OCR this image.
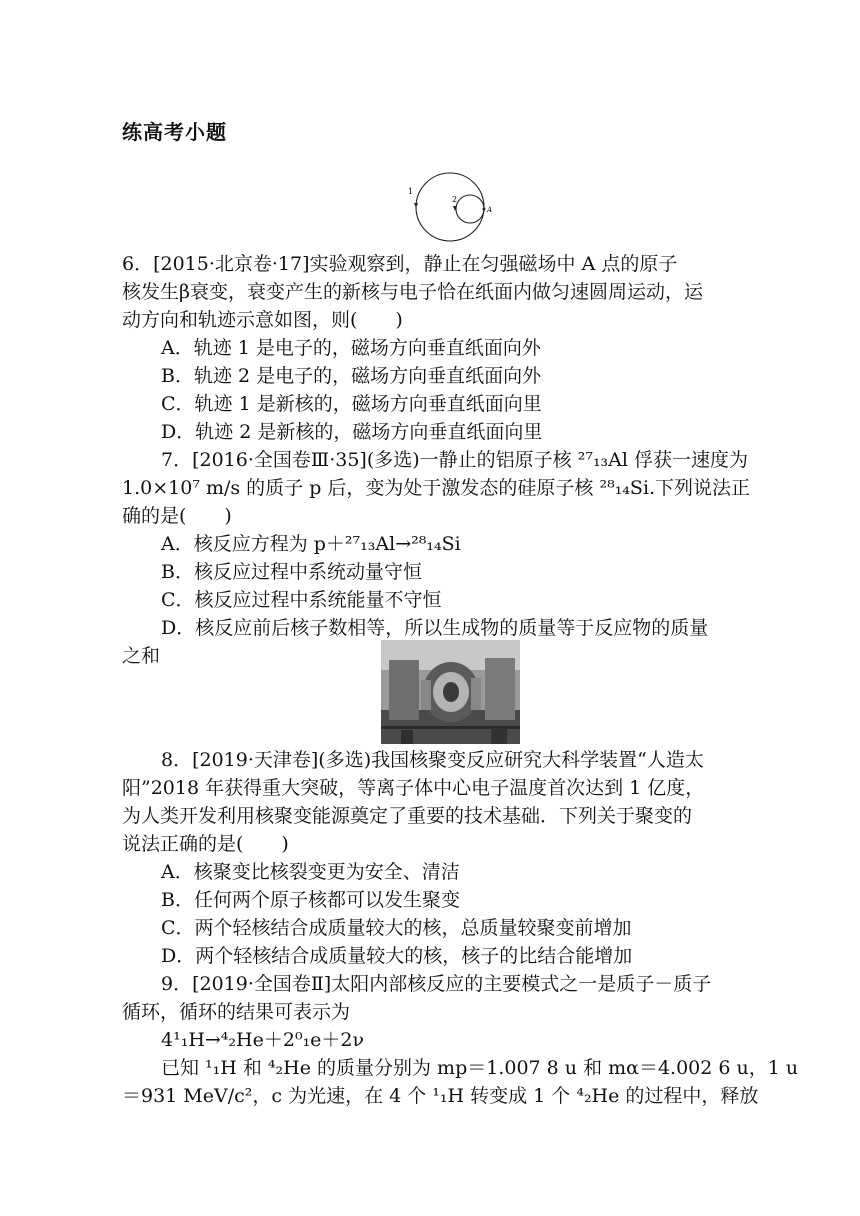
练高考小题
1
2
A
6．[2015·北京卷·17]实验观察到，静止在匀强磁场中 A 点的原子
核发生β衰变，衰变产生的新核与电子恰在纸面内做匀速圆周运动，运
动方向和轨迹示意如图，则(　　)
A．轨迹 1 是电子的，磁场方向垂直纸面向外
B．轨迹 2 是电子的，磁场方向垂直纸面向外
C．轨迹 1 是新核的，磁场方向垂直纸面向里
D．轨迹 2 是新核的，磁场方向垂直纸面向里
7．[2016·全国卷Ⅲ·35](多选)一静止的铝原子核 ²⁷₁₃Al 俘获一速度为
1.0×10⁷ m/s 的质子 p 后，变为处于激发态的硅原子核 ²⁸₁₄Si.下列说法正
确的是(　　)
A．核反应方程为 p＋²⁷₁₃Al→²⁸₁₄Si
B．核反应过程中系统动量守恒
C．核反应过程中系统能量不守恒
D．核反应前后核子数相等，所以生成物的质量等于反应物的质量
之和
8．[2019·天津卷](多选)我国核聚变反应研究大科学装置“人造太
阳”2018 年获得重大突破，等离子体中心电子温度首次达到 1 亿度，
为人类开发利用核聚变能源奠定了重要的技术基础．下列关于聚变的
说法正确的是(　　)
A．核聚变比核裂变更为安全、清洁
B．任何两个原子核都可以发生聚变
C．两个轻核结合成质量较大的核，总质量较聚变前增加
D．两个轻核结合成质量较大的核，核子的比结合能增加
9．[2019·全国卷Ⅱ]太阳内部核反应的主要模式之一是质子－质子
循环，循环的结果可表示为
4¹₁H→⁴₂He＋2⁰₁e＋2ν
已知 ¹₁H 和 ⁴₂He 的质量分别为 mp＝1.007 8 u 和 mα＝4.002 6 u，1 u
＝931 MeV/c²，c 为光速，在 4 个 ¹₁H 转变成 1 个 ⁴₂He 的过程中，释放
